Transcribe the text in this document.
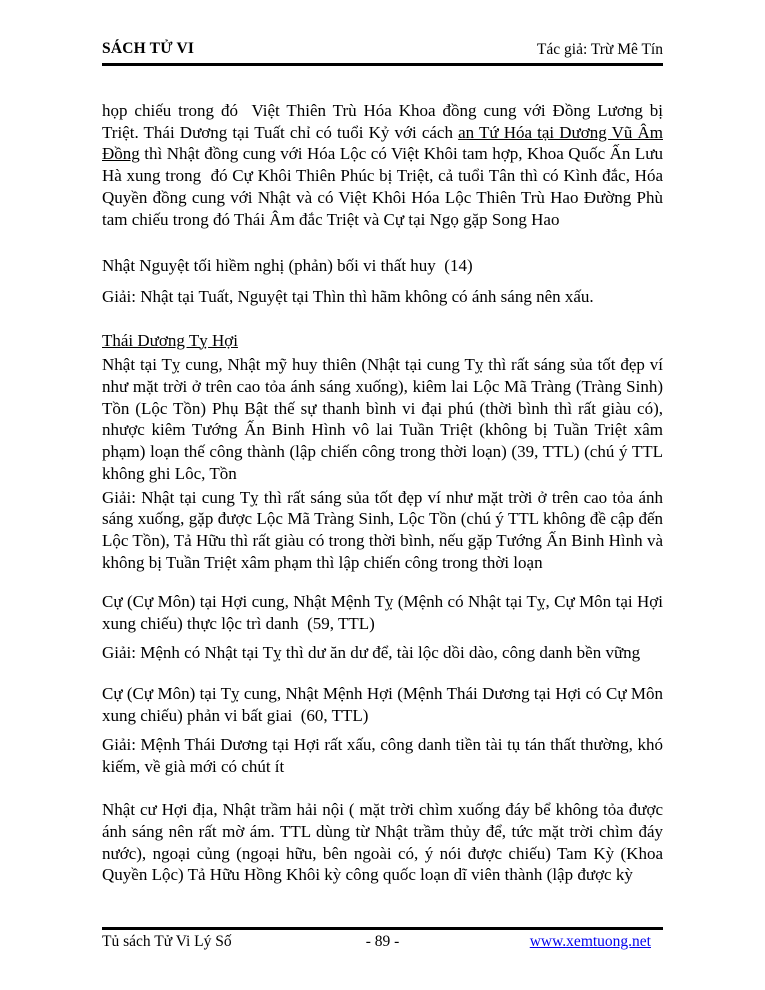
SÁCH TỬ VI	Tác giả: Trừ Mê Tín
họp chiếu trong đó  Việt Thiên Trù Hóa Khoa đồng cung với Đồng Lương bị Triệt. Thái Dương tại Tuất chỉ có tuổi Kỷ với cách an Tứ Hóa tại Dương Vũ Âm Đồng thì Nhật đồng cung với Hóa Lộc có Việt Khôi tam hợp, Khoa Quốc Ấn Lưu Hà xung trong  đó Cự Khôi Thiên Phúc bị Triệt, cả tuổi Tân thì có Kình đắc, Hóa Quyền đồng cung với Nhật và có Việt Khôi Hóa Lộc Thiên Trù Hao Đường Phù tam chiếu trong đó Thái Âm đắc Triệt và Cự tại Ngọ gặp Song Hao
Nhật Nguyệt tối hiềm nghị (phản) bối vi thất huy  (14)
Giải: Nhật tại Tuất, Nguyệt tại Thìn thì hãm không có ánh sáng nên xấu.
Thái Dương Tỵ Hợi
Nhật tại Tỵ cung, Nhật mỹ huy thiên (Nhật tại cung Tỵ thì rất sáng sủa tốt đẹp ví như mặt trời ở trên cao tỏa ánh sáng xuống), kiêm lai Lộc Mã Tràng (Tràng Sinh) Tồn (Lộc Tồn) Phụ Bật thế sự thanh bình vi đại phú (thời bình thì rất giàu có), nhược kiêm Tướng Ấn Binh Hình vô lai Tuần Triệt (không bị Tuần Triệt xâm phạm) loạn thế công thành (lập chiến công trong thời loạn) (39, TTL) (chú ý TTL không ghi Lôc, Tồn
Giải: Nhật tại cung Tỵ thì rất sáng sủa tốt đẹp ví như mặt trời ở trên cao tỏa ánh sáng xuống, gặp được Lộc Mã Tràng Sinh, Lộc Tồn (chú ý TTL không đề cập đến Lộc Tồn), Tả Hữu thì rất giàu có trong thời bình, nếu gặp Tướng Ấn Binh Hình và không bị Tuần Triệt xâm phạm thì lập chiến công trong thời loạn
Cự (Cự Môn) tại Hợi cung, Nhật Mệnh Tỵ (Mệnh có Nhật tại Tỵ, Cự Môn tại Hợi xung chiếu) thực lộc trì danh  (59, TTL)
Giải: Mệnh có Nhật tại Tỵ thì dư ăn dư để, tài lộc dồi dào, công danh bền vững
Cự (Cự Môn) tại Tỵ cung, Nhật Mệnh Hợi (Mệnh Thái Dương tại Hợi có Cự Môn xung chiếu) phản vi bất giai  (60, TTL)
Giải: Mệnh Thái Dương tại Hợi rất xấu, công danh tiền tài tụ tán thất thường, khó kiếm, về già mới có chút ít
Nhật cư Hợi địa, Nhật trầm hải nội ( mặt trời chìm xuống đáy bể không tỏa được ánh sáng nên rất mờ ám. TTL dùng từ Nhật trầm thủy để, tức mặt trời chìm đáy nước), ngoại củng (ngoại hữu, bên ngoài có, ý nói được chiếu) Tam Kỳ (Khoa Quyền Lộc) Tả Hữu Hồng Khôi kỳ công quốc loạn dĩ viên thành (lập được kỳ
Tủ sách Tử Vi Lý Số	- 89 -	www.xemtuong.net
